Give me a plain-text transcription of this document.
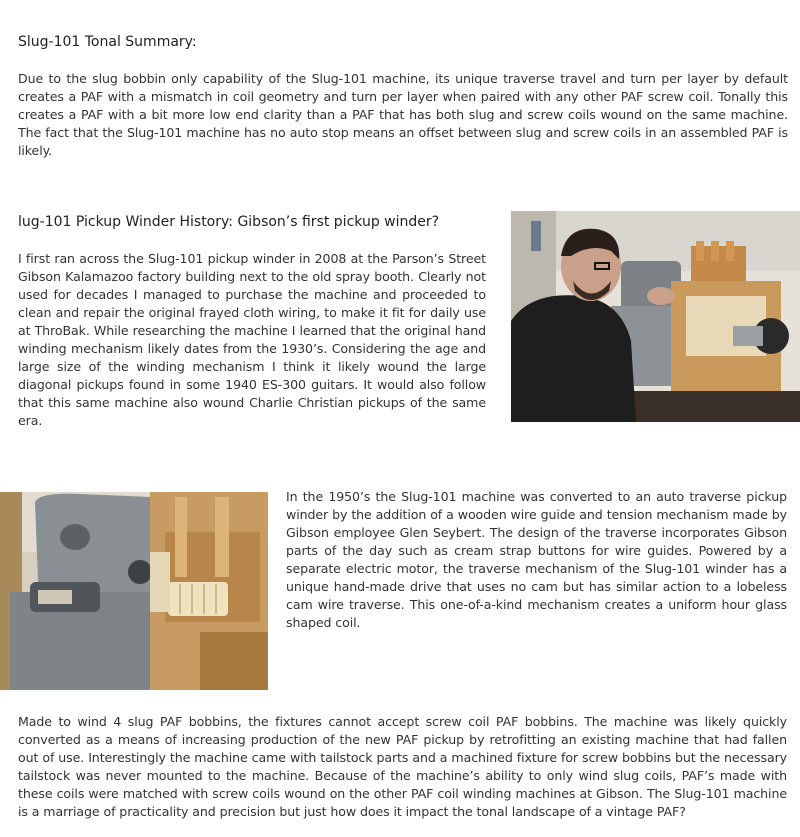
Slug-101 Tonal Summary:
Due to the slug bobbin only capability of the Slug-101 machine, its unique traverse travel and turn per layer by default creates a PAF with a mismatch in coil geometry and turn per layer when paired with any other PAF screw coil. Tonally this creates a PAF with a bit more low end clarity than a PAF that has both slug and screw coils wound on the same machine. The fact that the Slug-101 machine has no auto stop means an offset between slug and screw coils in an assembled PAF is likely.
lug-101 Pickup Winder History: Gibson’s first pickup winder?
I first ran across the Slug-101 pickup winder in 2008 at the Parson’s Street Gibson Kalamazoo factory building next to the old spray booth. Clearly not used for decades I managed to purchase the machine and proceeded to clean and repair the original frayed cloth wiring, to make it fit for daily use at ThroBak. While researching the machine I learned that the original hand winding mechanism likely dates from the 1930’s. Considering the age and large size of the winding mechanism I think it likely wound the large diagonal pickups found in some 1940 ES-300 guitars. It would also follow that this same machine also wound Charlie Christian pickups of the same era.
In the 1950’s the Slug-101 machine was converted to an auto traverse pickup winder by the addition of a wooden wire guide and tension mechanism made by Gibson employee Glen Seybert. The design of the traverse incorporates Gibson parts of the day such as cream strap buttons for wire guides. Powered by a separate electric motor, the traverse mechanism of the Slug-101 winder has a unique hand-made drive that uses no cam but has similar action to a lobeless cam wire traverse. This one-of-a-kind mechanism creates a uniform hour glass shaped coil.
Made to wind 4 slug PAF bobbins, the fixtures cannot accept screw coil PAF bobbins. The machine was likely quickly converted as a means of increasing production of the new PAF pickup by retrofitting an existing machine that had fallen out of use. Interestingly the machine came with tailstock parts and a machined fixture for screw bobbins but the necessary tailstock was never mounted to the machine. Because of the machine’s ability to only wind slug coils, PAF’s made with these coils were matched with screw coils wound on the other PAF coil winding machines at Gibson. The Slug-101 machine is a marriage of practicality and precision but just how does it impact the tonal landscape of a vintage PAF?
